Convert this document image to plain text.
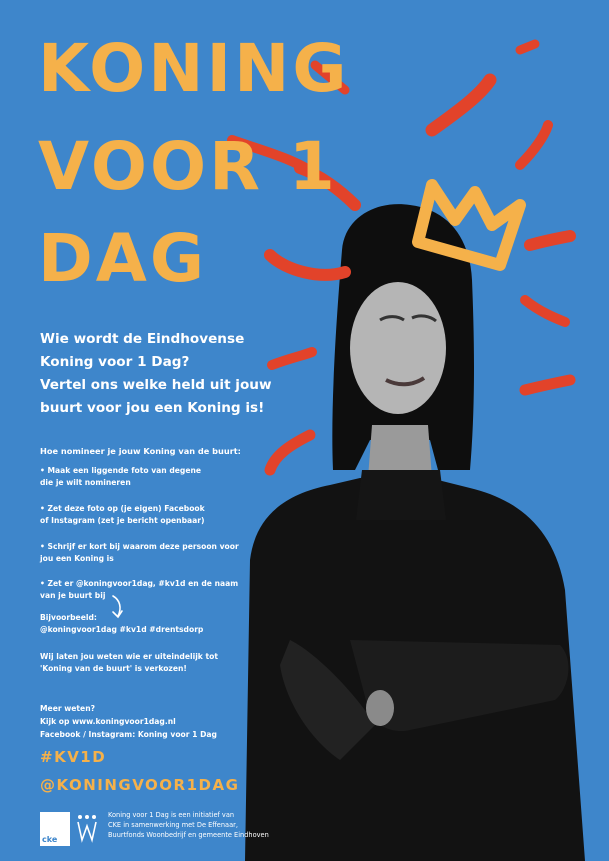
KONING
VOOR 1
DAG
Wie wordt de Eindhovense
Koning voor 1 Dag?
Vertel ons welke held uit jouw
buurt voor jou een Koning is!
Hoe nomineer je jouw Koning van de buurt:
• Maak een liggende foto van degene
die je wilt nomineren
• Zet deze foto op (je eigen) Facebook
of Instagram (zet je bericht openbaar)
• Schrijf er kort bij waarom deze persoon voor
jou een Koning is
• Zet er @koningvoor1dag, #kv1d en de naam
van je buurt bij
Bijvoorbeeld:
@koningvoor1dag #kv1d #drentsdorp
Wij laten jou weten wie er uiteindelijk tot
'Koning van de buurt' is verkozen!
Meer weten?
Kijk op www.koningvoor1dag.nl
Facebook / Instagram: Koning voor 1 Dag
#KV1D
@KONINGVOOR1DAG
cke
Koning voor 1 Dag is een initiatief van
CKE in samenwerking met De Effenaar,
Buurtfonds Woonbedrijf en gemeente Eindhoven
